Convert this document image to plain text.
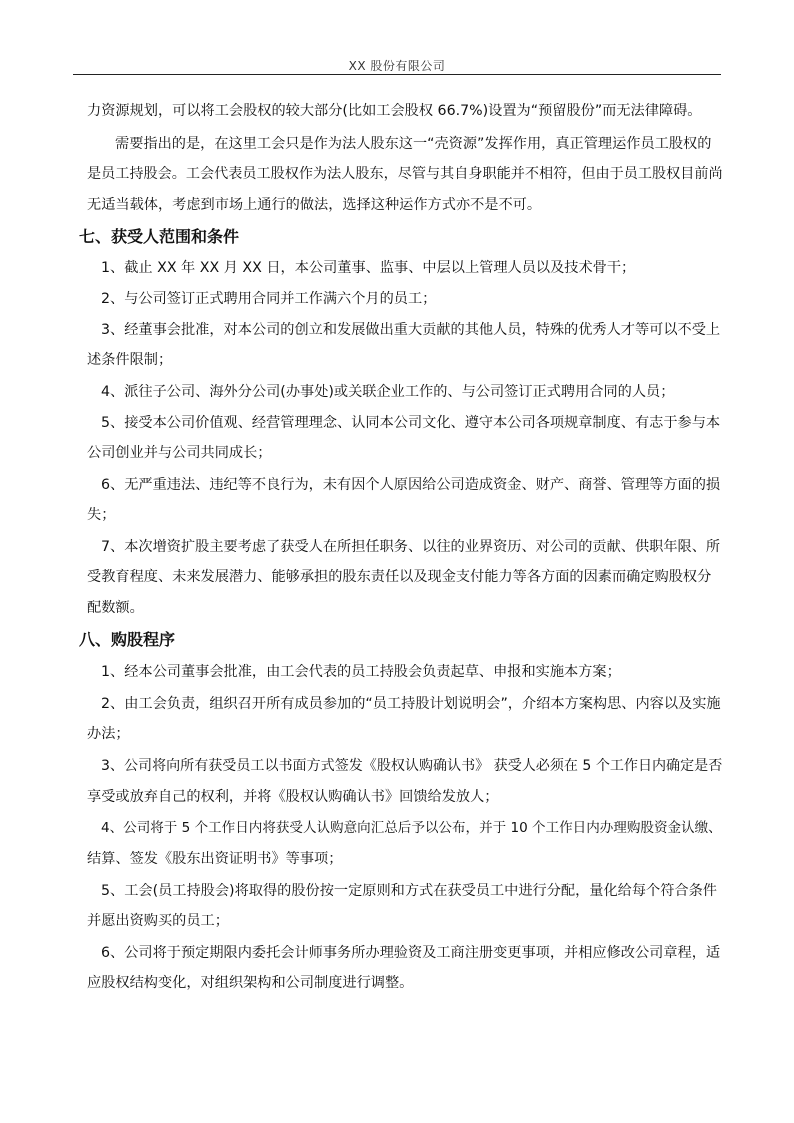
XX 股份有限公司
力资源规划，可以将工会股权的较大部分(比如工会股权 66.7%)设置为“预留股份”而无法律障碍。
需要指出的是，在这里工会只是作为法人股东这一“壳资源”发挥作用，真正管理运作员工股权的
是员工持股会。工会代表员工股权作为法人股东，尽管与其自身职能并不相符，但由于员工股权目前尚
无适当载体，考虑到市场上通行的做法，选择这种运作方式亦不是不可。
七、获受人范围和条件
1、截止 XX 年 XX 月 XX 日，本公司董事、监事、中层以上管理人员以及技术骨干；
2、与公司签订正式聘用合同并工作满六个月的员工；
3、经董事会批准，对本公司的创立和发展做出重大贡献的其他人员，特殊的优秀人才等可以不受上
述条件限制；
4、派往子公司、海外分公司(办事处)或关联企业工作的、与公司签订正式聘用合同的人员；
5、接受本公司价值观、经营管理理念、认同本公司文化、遵守本公司各项规章制度、有志于参与本
公司创业并与公司共同成长；
6、无严重违法、违纪等不良行为，未有因个人原因给公司造成资金、财产、商誉、管理等方面的损
失；
7、本次增资扩股主要考虑了获受人在所担任职务、以往的业界资历、对公司的贡献、供职年限、所
受教育程度、未来发展潜力、能够承担的股东责任以及现金支付能力等各方面的因素而确定购股权分
配数额。
八、购股程序
1、经本公司董事会批准，由工会代表的员工持股会负责起草、申报和实施本方案；
2、由工会负责，组织召开所有成员参加的“员工持股计划说明会”，介绍本方案构思、内容以及实施
办法；
3、公司将向所有获受员工以书面方式签发《股权认购确认书》 获受人必须在 5 个工作日内确定是否
享受或放弃自己的权利，并将《股权认购确认书》回馈给发放人；
4、公司将于 5 个工作日内将获受人认购意向汇总后予以公布，并于 10 个工作日内办理购股资金认缴、
结算、签发《股东出资证明书》等事项；
5、工会(员工持股会)将取得的股份按一定原则和方式在获受员工中进行分配，量化给每个符合条件
并愿出资购买的员工；
6、公司将于预定期限内委托会计师事务所办理验资及工商注册变更事项，并相应修改公司章程，适
应股权结构变化，对组织架构和公司制度进行调整。
